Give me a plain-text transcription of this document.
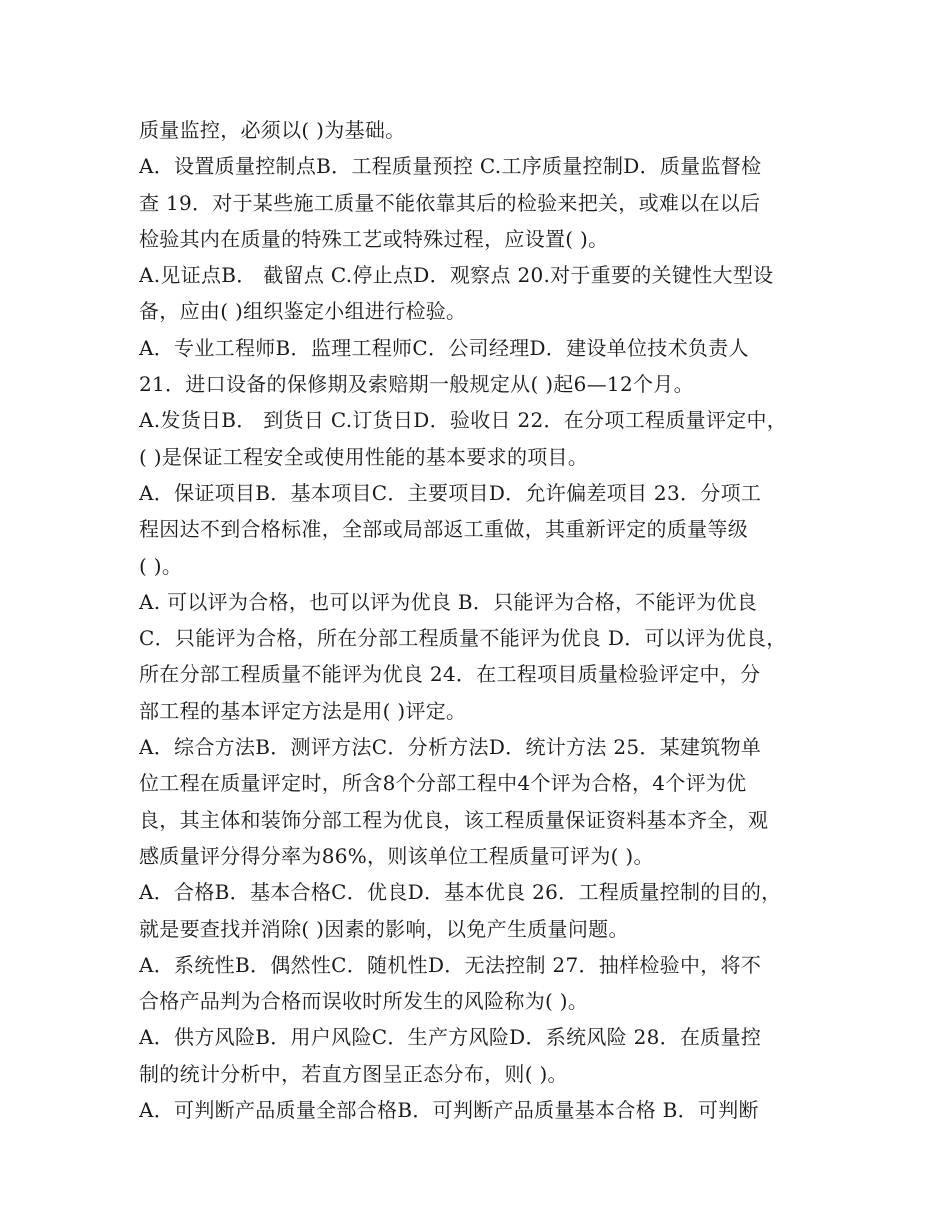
质量监控，必须以( )为基础。
A．设置质量控制点B．工程质量预控 C.工序质量控制D．质量监督检
查 19．对于某些施工质量不能依靠其后的检验来把关，或难以在以后
检验其内在质量的特殊工艺或特殊过程，应设置( )。
A.见证点B． 截留点 C.停止点D．观察点 20.对于重要的关键性大型设
备，应由( )组织鉴定小组进行检验。
A．专业工程师B．监理工程师C．公司经理D．建设单位技术负责人
21．进口设备的保修期及索赔期一般规定从( )起6—12个月。
A.发货日B． 到货日 C.订货日D．验收日 22．在分项工程质量评定中，
( )是保证工程安全或使用性能的基本要求的项目。
A．保证项目B．基本项目C．主要项目D．允许偏差项目 23．分项工
程因达不到合格标准，全部或局部返工重做，其重新评定的质量等级
( )。
A. 可以评为合格，也可以评为优良 B．只能评为合格，不能评为优良
C．只能评为合格，所在分部工程质量不能评为优良 D．可以评为优良，
所在分部工程质量不能评为优良 24．在工程项目质量检验评定中，分
部工程的基本评定方法是用( )评定。
A．综合方法B．测评方法C．分析方法D．统计方法 25．某建筑物单
位工程在质量评定时，所含8个分部工程中4个评为合格，4个评为优
良，其主体和装饰分部工程为优良，该工程质量保证资料基本齐全，观
感质量评分得分率为86%，则该单位工程质量可评为( )。
A．合格B．基本合格C．优良D．基本优良 26．工程质量控制的目的，
就是要查找并消除( )因素的影响，以免产生质量问题。
A．系统性B．偶然性C．随机性D．无法控制 27．抽样检验中，将不
合格产品判为合格而误收时所发生的风险称为( )。
A．供方风险B．用户风险C．生产方风险D．系统风险 28．在质量控
制的统计分析中，若直方图呈正态分布，则( )。
A．可判断产品质量全部合格B．可判断产品质量基本合格 B．可判断
